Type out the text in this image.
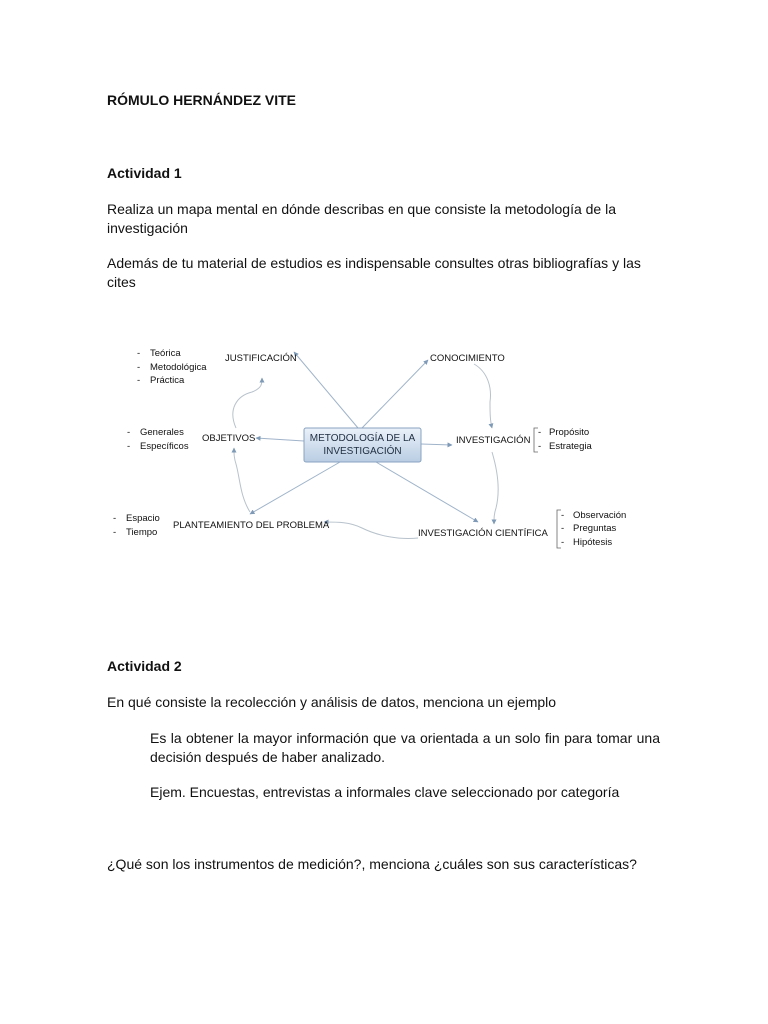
RÓMULO HERNÁNDEZ VITE
Actividad 1
Realiza un mapa mental en dónde describas en que consiste la metodología de la investigación
Además de tu material de estudios es indispensable consultes otras bibliografías y las cites
METODOLOGÍA DE LA
INVESTIGACIÓN
JUSTIFICACIÓN
- Teórica
- Metodológica
- Práctica
CONOCIMIENTO
OBJETIVOS
- Generales
- Específicos
INVESTIGACIÓN
- Propósito
- Estrategia
PLANTEAMIENTO DEL PROBLEMA
- Espacio
- Tiempo	INVESTIGACIÓN CIENTÍFICA
- Observación
- Preguntas
- Hipótesis
Actividad 2
En qué consiste la recolección y análisis de datos, menciona un ejemplo
Es la obtener la mayor información que va orientada a un solo fin para tomar una decisión después de haber analizado.
Ejem. Encuestas, entrevistas a informales clave seleccionado por categoría
¿Qué son los instrumentos de medición?, menciona ¿cuáles son sus características?
